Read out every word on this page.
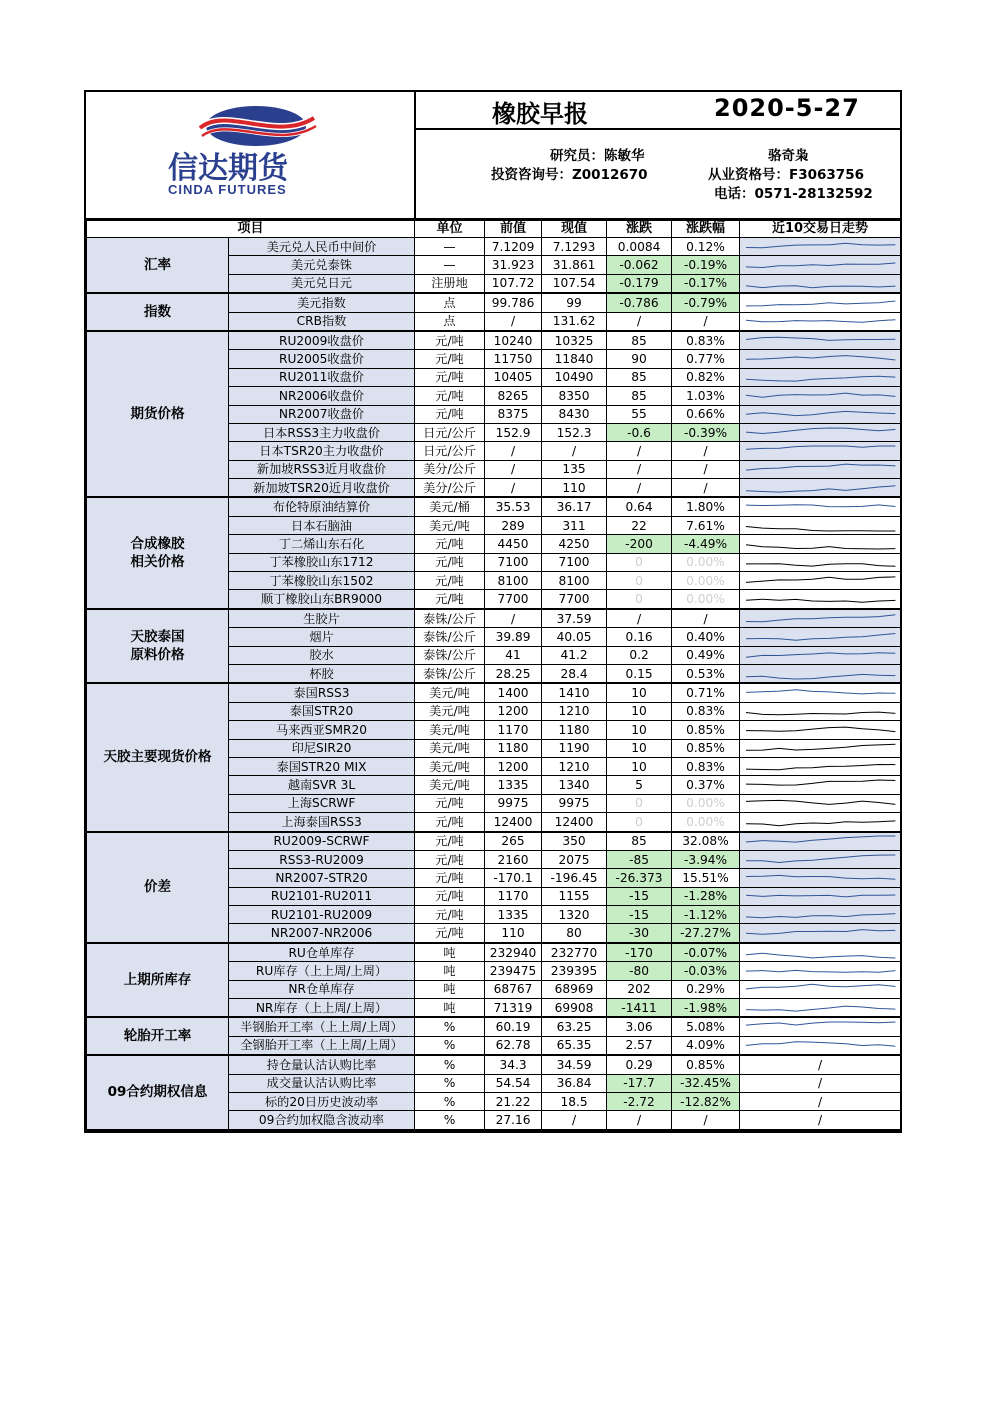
信达期货
CINDA FUTURES
橡胶早报	2020-5-27
研究员：陈敏华	骆奇枭
投资咨询号：Z0012670	从业资格号：F3063756
电话：0571-28132592
项目		单位	前值	现值	涨跌	涨跌幅	近10交易日走势
汇率	美元兑人民币中间价	—	7.1209	7.1293	0.0084	0.12%	

	美元兑泰铢	—	31.923	31.861	-0.062	-0.19%	

	美元兑日元	注册地	107.72	107.54	-0.179	-0.17%	

指数	美元指数	点	99.786	99	-0.786	-0.79%	

	CRB指数	点	/	131.62	/	/	

期货价格	RU2009收盘价	元/吨	10240	10325	85	0.83%	

	RU2005收盘价	元/吨	11750	11840	90	0.77%	

	RU2011收盘价	元/吨	10405	10490	85	0.82%	

	NR2006收盘价	元/吨	8265	8350	85	1.03%	

	NR2007收盘价	元/吨	8375	8430	55	0.66%	

	日本RSS3主力收盘价	日元/公斤	152.9	152.3	-0.6	-0.39%	

	日本TSR20主力收盘价	日元/公斤	/	/	/	/	

	新加坡RSS3近月收盘价	美分/公斤	/	135	/	/	

	新加坡TSR20近月收盘价	美分/公斤	/	110	/	/	

合成橡胶
相关价格	布伦特原油结算价	美元/桶	35.53	36.17	0.64	1.80%	

	日本石脑油	美元/吨	289	311	22	7.61%	

	丁二烯山东石化	元/吨	4450	4250	-200	-4.49%	

	丁苯橡胶山东1712	元/吨	7100	7100	0	0.00%	

	丁苯橡胶山东1502	元/吨	8100	8100	0	0.00%	

	顺丁橡胶山东BR9000	元/吨	7700	7700	0	0.00%	

天胶泰国
原料价格	生胶片	泰铢/公斤	/	37.59	/	/	

	烟片	泰铢/公斤	39.89	40.05	0.16	0.40%	

	胶水	泰铢/公斤	41	41.2	0.2	0.49%	

	杯胶	泰铢/公斤	28.25	28.4	0.15	0.53%	

天胶主要现货价格	泰国RSS3	美元/吨	1400	1410	10	0.71%	

	泰国STR20	美元/吨	1200	1210	10	0.83%	

	马来西亚SMR20	美元/吨	1170	1180	10	0.85%	

	印尼SIR20	美元/吨	1180	1190	10	0.85%	

	泰国STR20 MIX	美元/吨	1200	1210	10	0.83%	

	越南SVR 3L	美元/吨	1335	1340	5	0.37%	

	上海SCRWF	元/吨	9975	9975	0	0.00%	

	上海泰国RSS3	元/吨	12400	12400	0	0.00%	

价差	RU2009-SCRWF	元/吨	265	350	85	32.08%	

	RSS3-RU2009	元/吨	2160	2075	-85	-3.94%	

	NR2007-STR20	元/吨	-170.1	-196.45	-26.373	15.51%	

	RU2101-RU2011	元/吨	1170	1155	-15	-1.28%	

	RU2101-RU2009	元/吨	1335	1320	-15	-1.12%	

	NR2007-NR2006	元/吨	110	80	-30	-27.27%	

上期所库存	RU仓单库存	吨	232940	232770	-170	-0.07%	

	RU库存（上上周/上周）	吨	239475	239395	-80	-0.03%	

	NR仓单库存	吨	68767	68969	202	0.29%	

	NR库存（上上周/上周）	吨	71319	69908	-1411	-1.98%	

轮胎开工率	半钢胎开工率（上上周/上周）	%	60.19	63.25	3.06	5.08%	

	全钢胎开工率（上上周/上周）	%	62.78	65.35	2.57	4.09%	

09合约期权信息	持仓量认沽认购比率	%	34.3	34.59	0.29	0.85%	/
	成交量认沽认购比率	%	54.54	36.84	-17.7	-32.45%	/
	标的20日历史波动率	%	21.22	18.5	-2.72	-12.82%	/
	09合约加权隐含波动率	%	27.16	/	/	/	/
